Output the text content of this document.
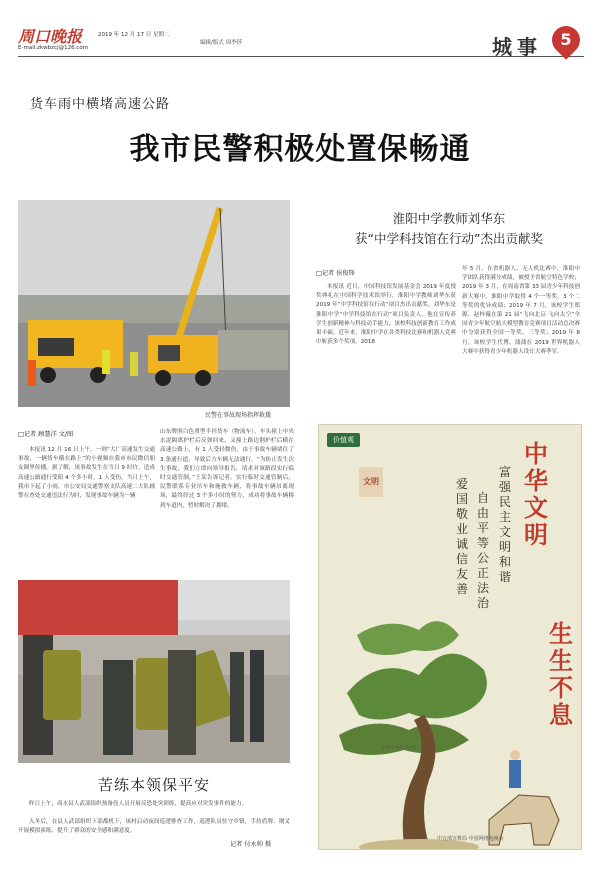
周口晚报	2019 年 12 月 17 日 星期二
编辑/版式 周李莎
E-mail:zkwbzcj@126.com	城事	5
货车雨中横堵高速公路
我市民警积极处置保畅通
民警在事故现场指挥救援
□记者 顾慧洋 文/图
本报讯 12 月 16 日上午，一则“大广高速发生交通事故，一辆货车横在路上”的小视频在我市市民微信朋友圈里传播。据了解，该事故发生在当日 9 时许，造成高速公路通行受阻 4 个多小时，1 人受伤。当日上午，我市下起了小雨。市公安局交通警察支队高速二大队辅警在查处交通违法行为时，发现事故车辆为一辆
山东牌照白色重型半挂货车（物流车），车头撞上中央水泥隔离护栏后反弹回来，又撞上路边钢护栏后横在高速公路上，有 1 人受轻微伤。由于事故车辆堵住了 3 条通行道，导致后方车辆无法通行。“为防止发生次生事故，我们立即向领导报告，请求对该路段实行临时交通管制。”王某告诉记者。实行临时交通管制后，民警联系专业吊车和施救车辆，将事故车辆吊离现场，最终经过 3 个多小时的努力，成功将事故车辆移到车道内，暂时解决了拥堵。
淮阳中学教师刘华东
获“中学科技馆在行动”杰出贡献奖
□记者 侯俊锋
本报讯 近日，中国科技馆发展基金会 2019 年度授奖典礼在中国科学技术馆举行，淮阳中学教师刘华东获 2019 年“中学科技馆在行动”项目杰出贡献奖。刘华东是淮阳中学“中学科技馆在行动”项目负责人，他在宣传养学生创新精神与科技动手能力，该校科技创新教育工作成果丰硕。近年来，淮阳中学在各类科技比赛和机器人竞赛中斩获多个奖项。2018
年 5 月，在省机器人、无人机比赛中，淮阳中学团队获得满分成绩，被授予省航空特色学校；2019 年 3 月，在周南省第 33 届青少年科技创新大赛中，淮阳中学取得 4 个一等奖、3 个二等奖的优异成绩；2019 年 7 月，该校学生郑源、赵梓薇在第 21 届“飞向北京·飞向太空”全国青少年航空航天模型教育竞赛项目活动总决赛中分别获得全国一等奖、三等奖；2019 年 8 月，该校学生代博、蒲蒲在 2019 世界机器人大赛中获得青少年机器人设计大赛季军。
苦练本领保平安
昨日上午，商水县人武部组织预备役人员开展反恐处突训练，提高应对突发事件的能力。
入冬后，在县人武部组织下部都机下，该村启动夜间巡逻排查工作，巡逻队员驻守乡镇，手持盾牌、钢叉开展模拟演练，提升了群众的安全感和满意度。
记者 付永帅 摄
价值观
文明
富强民主文明和谐
自由平等公正法治
爱国敬业诚信友善
中华文明
生生不息
中华文明系列宣传
中宣部宣教局 中国网络电视台
